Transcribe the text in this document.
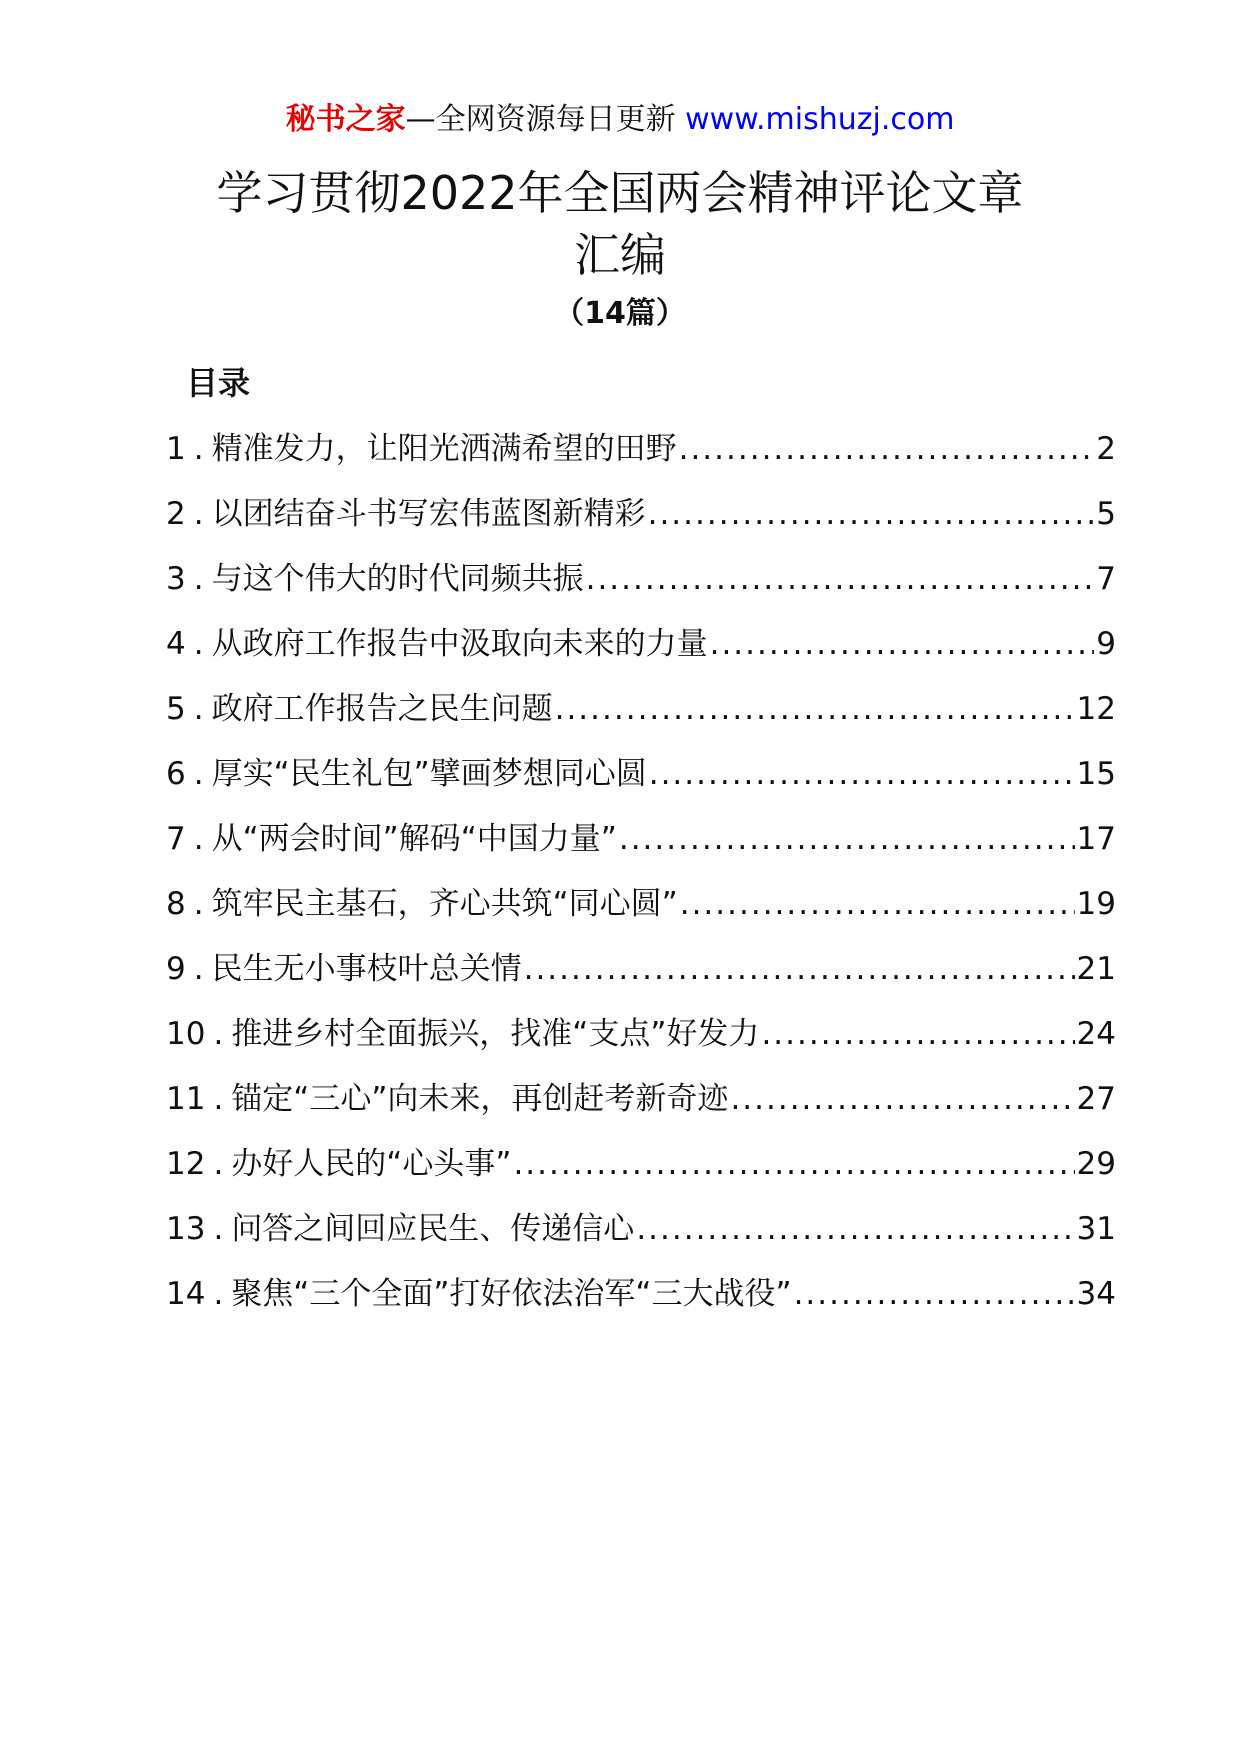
秘书之家—全网资源每日更新 www.mishuzj.com
学习贯彻2022年全国两会精神评论文章
汇编
（14篇）
目录
1 . 精准发力，让阳光洒满希望的田野 .....	2
2 . 以团结奋斗书写宏伟蓝图新精彩 .....	5
3 . 与这个伟大的时代同频共振 .....	7
4 . 从政府工作报告中汲取向未来的力量 .....	9
5 . 政府工作报告之民生问题 .....	12
6 . 厚实“民生礼包”擘画梦想同心圆 .....	15
7 . 从“两会时间”解码“中国力量” .....	17
8 . 筑牢民主基石，齐心共筑“同心圆” .....	19
9 . 民生无小事枝叶总关情 .....	21
10 . 推进乡村全面振兴，找准“支点”好发力 .....	24
11 . 锚定“三心”向未来，再创赶考新奇迹 .....	27
12 . 办好人民的“心头事” .....	29
13 . 问答之间回应民生、传递信心 .....	31
14 . 聚焦“三个全面”打好依法治军“三大战役” .....	34
